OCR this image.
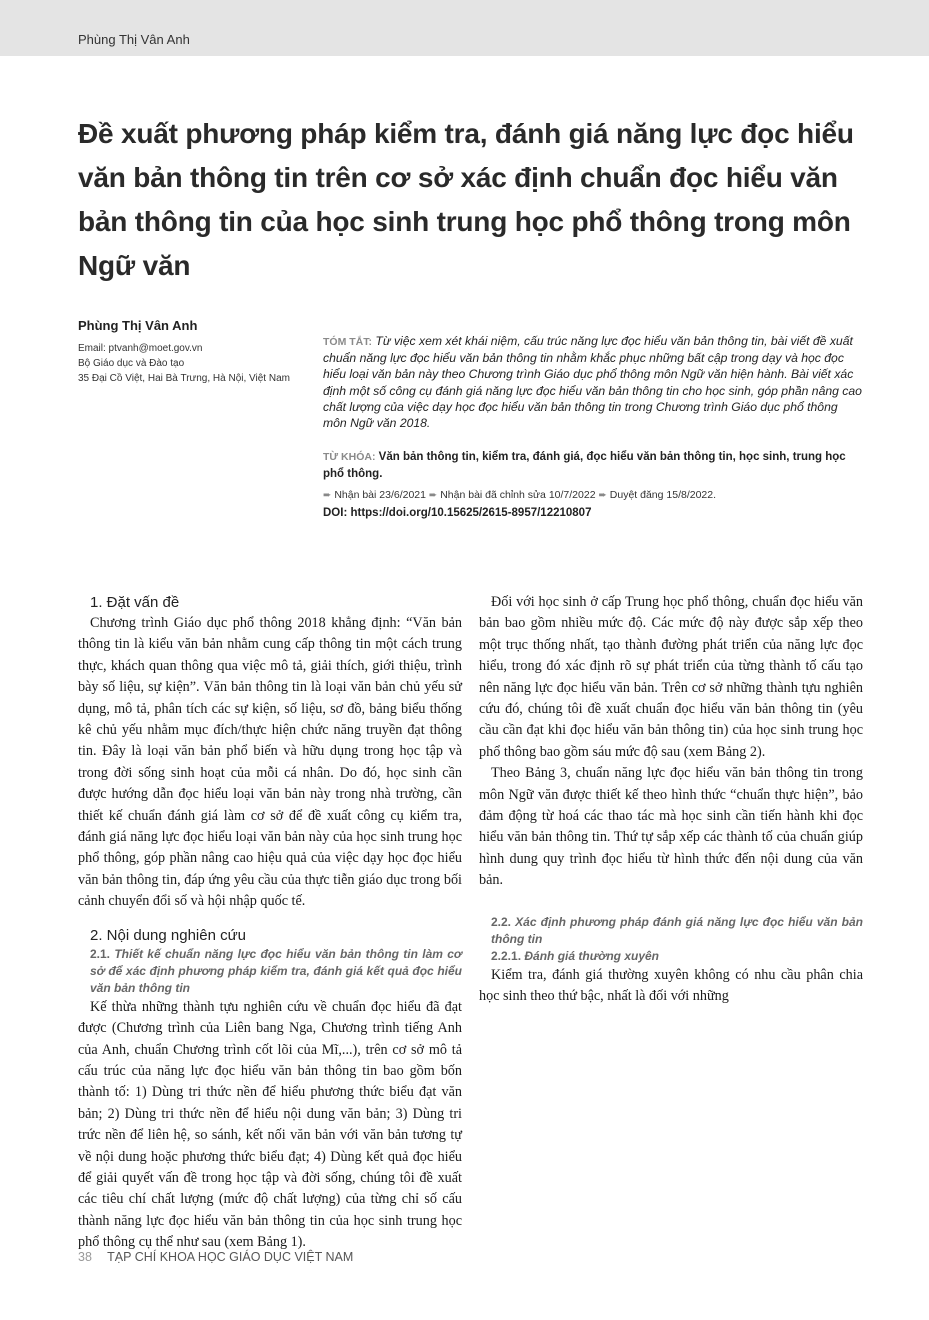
Phùng Thị Vân Anh
Đề xuất phương pháp kiểm tra, đánh giá năng lực đọc hiểu văn bản thông tin trên cơ sở xác định chuẩn đọc hiểu văn bản thông tin của học sinh trung học phổ thông trong môn Ngữ văn
Phùng Thị Vân Anh
Email: ptvanh@moet.gov.vn
Bộ Giáo dục và Đào tạo
35 Đại Cồ Việt, Hai Bà Trưng, Hà Nội, Việt Nam

TÓM TẮT: Từ việc xem xét khái niệm, cấu trúc năng lực đọc hiểu văn bản thông tin, bài viết đề xuất chuẩn năng lực đọc hiểu văn bản thông tin nhằm khắc phục những bất cập trong dạy và học đọc hiểu loại văn bản này theo Chương trình Giáo dục phổ thông môn Ngữ văn hiện hành. Bài viết xác định một số công cụ đánh giá năng lực đọc hiểu văn bản thông tin cho học sinh, góp phần nâng cao chất lượng của việc dạy học đọc hiểu văn bản thông tin trong Chương trình Giáo dục phổ thông môn Ngữ văn 2018.

TỪ KHÓA: Văn bản thông tin, kiểm tra, đánh giá, đọc hiểu văn bản thông tin, học sinh, trung học phổ thông.

➨ Nhận bài 23/6/2021 ➨ Nhận bài đã chỉnh sửa 10/7/2022 ➨ Duyệt đăng 15/8/2022.

DOI: https://doi.org/10.15625/2615-8957/12210807

1. Đặt vấn đề

Chương trình Giáo dục phổ thông 2018 khẳng định: “Văn bản thông tin là kiểu văn bản nhằm cung cấp thông tin một cách trung thực, khách quan thông qua việc mô tả, giải thích, giới thiệu, trình bày số liệu, sự kiện”. Văn bản thông tin là loại văn bản chủ yếu sử dụng, mô tả, phân tích các sự kiện, số liệu, sơ đồ, bảng biểu thống kê chủ yếu nhằm mục đích/thực hiện chức năng truyền đạt thông tin. Đây là loại văn bản phổ biến và hữu dụng trong học tập và trong đời sống sinh hoạt của mỗi cá nhân. Do đó, học sinh cần được hướng dẫn đọc hiểu loại văn bản này trong nhà trường, cần thiết kế chuẩn đánh giá làm cơ sở để đề xuất công cụ kiểm tra, đánh giá năng lực đọc hiểu loại văn bản này của học sinh trung học phổ thông, góp phần nâng cao hiệu quả của việc dạy học đọc hiểu văn bản thông tin, đáp ứng yêu cầu của thực tiễn giáo dục trong bối cảnh chuyển đổi số và hội nhập quốc tế.

2. Nội dung nghiên cứu
2.1. Thiết kế chuẩn năng lực đọc hiểu văn bản thông tin làm cơ sở để xác định phương pháp kiểm tra, đánh giá kết quả đọc hiểu văn bản thông tin

Kế thừa những thành tựu nghiên cứu về chuẩn đọc hiểu đã đạt được (Chương trình của Liên bang Nga, Chương trình tiếng Anh của Anh, chuẩn Chương trình cốt lõi của Mĩ,...), trên cơ sở mô tả cấu trúc của năng lực đọc hiểu văn bản thông tin bao gồm bốn thành tố: 1) Dùng tri thức nền để hiểu phương thức biểu đạt văn bản; 2) Dùng tri thức nền để hiểu nội dung văn bản; 3) Dùng tri trức nền để liên hệ, so sánh, kết nối văn bản với văn bản tương tự về nội dung hoặc phương thức biểu đạt; 4) Dùng kết quả đọc hiểu để giải quyết vấn đề trong học tập và đời sống, chúng tôi đề xuất các tiêu chí chất lượng (mức độ chất lượng) của từng chỉ số cấu thành năng lực đọc hiểu văn bản thông tin của học sinh trung học phổ thông cụ thể như sau (xem Bảng 1).

Đối với học sinh ở cấp Trung học phổ thông, chuẩn đọc hiểu văn bản bao gồm nhiều mức độ. Các mức độ này được sắp xếp theo một trục thống nhất, tạo thành đường phát triển của năng lực đọc hiểu, trong đó xác định rõ sự phát triển của từng thành tố cấu tạo nên năng lực đọc hiểu văn bản. Trên cơ sở những thành tựu nghiên cứu đó, chúng tôi đề xuất chuẩn đọc hiểu văn bản thông tin (yêu cầu cần đạt khi đọc hiểu văn bản thông tin) của học sinh trung học phổ thông bao gồm sáu mức độ sau (xem Bảng 2).

Theo Bảng 3, chuẩn năng lực đọc hiểu văn bản thông tin trong môn Ngữ văn được thiết kế theo hình thức “chuẩn thực hiện”, bảo đảm động từ hoá các thao tác mà học sinh cần tiến hành khi đọc hiểu văn bản thông tin. Thứ tự sắp xếp các thành tố của chuẩn giúp hình dung quy trình đọc hiểu từ hình thức đến nội dung của văn bản.

2.2. Xác định phương pháp đánh giá năng lực đọc hiểu văn bản thông tin
2.2.1. Đánh giá thường xuyên

Kiểm tra, đánh giá thường xuyên không có nhu cầu phân chia học sinh theo thứ bậc, nhất là đối với những

38 TẠP CHÍ KHOA HỌC GIÁO DỤC VIỆT NAM
